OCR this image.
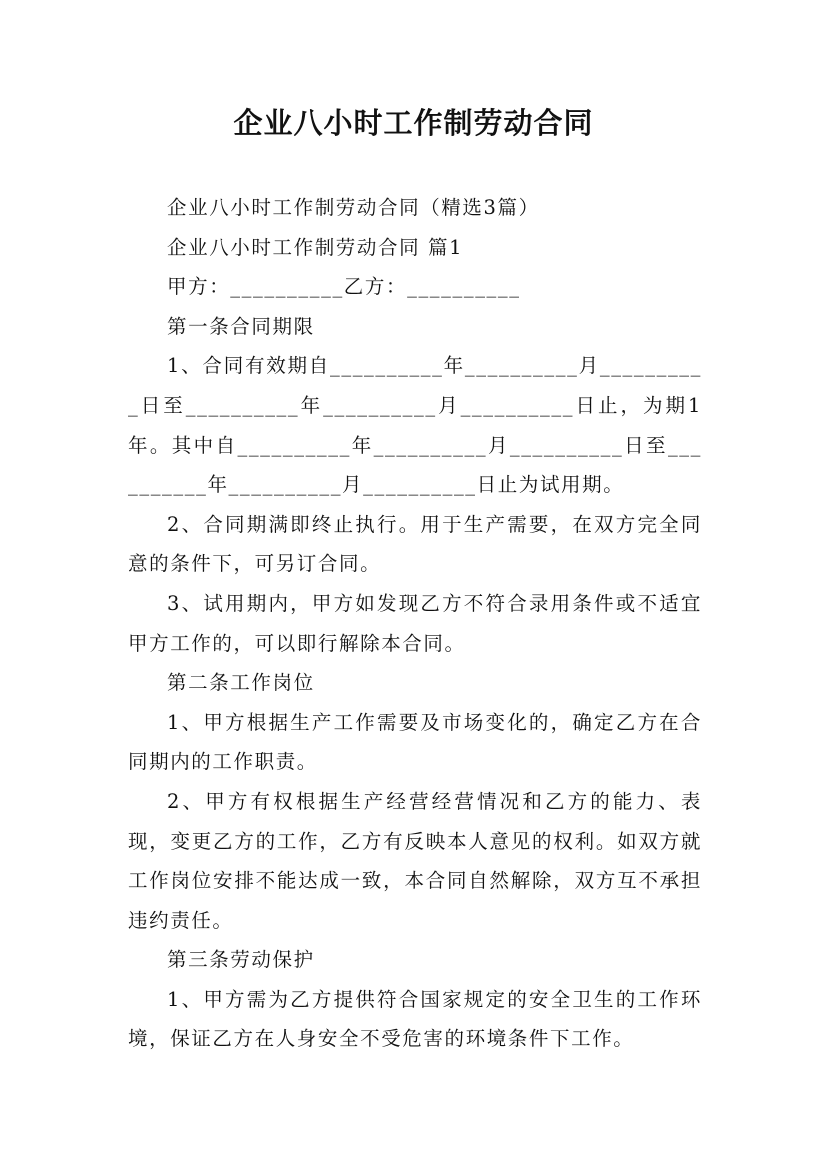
企业八小时工作制劳动合同

企业八小时工作制劳动合同（精选3篇）

企业八小时工作制劳动合同 篇1

甲方：__________乙方：__________

第一条合同期限

1、合同有效期自__________年__________月__________日至__________年__________月__________日止，为期1年。其中自__________年__________月__________日至__________年__________月__________日止为试用期。

2、合同期满即终止执行。用于生产需要，在双方完全同意的条件下，可另订合同。

3、试用期内，甲方如发现乙方不符合录用条件或不适宜甲方工作的，可以即行解除本合同。

第二条工作岗位

1、甲方根据生产工作需要及市场变化的，确定乙方在合同期内的工作职责。

2、甲方有权根据生产经营经营情况和乙方的能力、表现，变更乙方的工作，乙方有反映本人意见的权利。如双方就工作岗位安排不能达成一致，本合同自然解除，双方互不承担违约责任。

第三条劳动保护

1、甲方需为乙方提供符合国家规定的安全卫生的工作环境，保证乙方在人身安全不受危害的环境条件下工作。
